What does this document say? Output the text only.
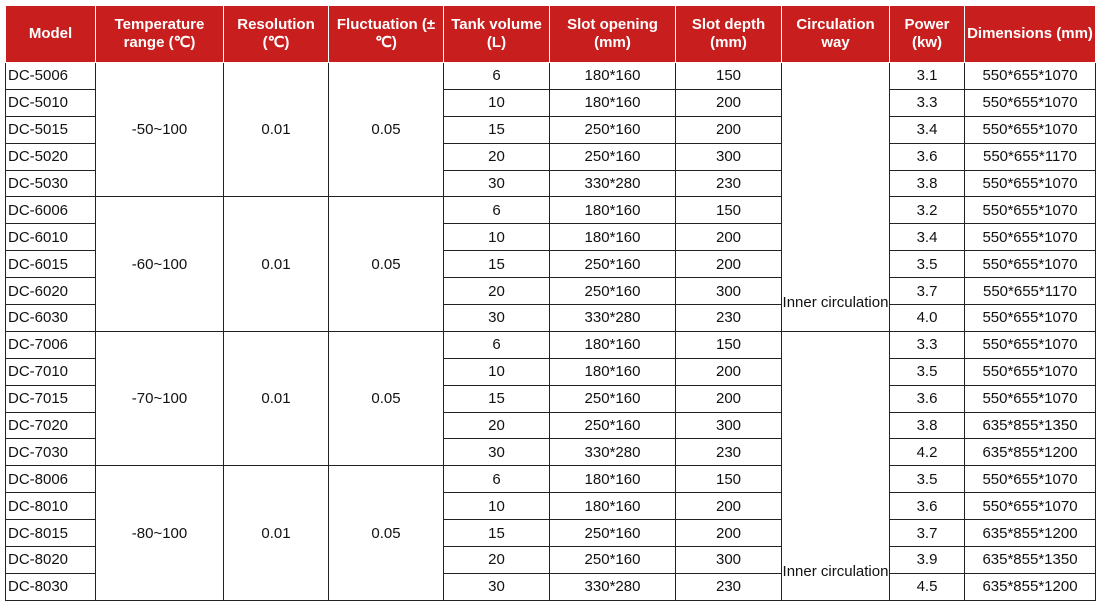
Model	Temperature range (℃)	Resolution (℃)	Fluctuation (±℃)	Tank volume (L)	Slot opening (mm)	Slot depth (mm)	Circulation way	Power (kw)	Dimensions (mm)
DC-5006	-50~100	0.01	0.05	6	180*160	150	Inner circulation	3.1	550*655*1070
DC-5010				10	180*160	200		3.3	550*655*1070
DC-5015				15	250*160	200		3.4	550*655*1070
DC-5020				20	250*160	300		3.6	550*655*1170
DC-5030				30	330*280	230		3.8	550*655*1070
DC-6006	-60~100	0.01	0.05	6	180*160	150		3.2	550*655*1070
DC-6010				10	180*160	200		3.4	550*655*1070
DC-6015				15	250*160	200		3.5	550*655*1070
DC-6020				20	250*160	300		3.7	550*655*1170
DC-6030				30	330*280	230		4.0	550*655*1070
DC-7006	-70~100	0.01	0.05	6	180*160	150	Inner circulation	3.3	550*655*1070
DC-7010				10	180*160	200		3.5	550*655*1070
DC-7015				15	250*160	200		3.6	550*655*1070
DC-7020				20	250*160	300		3.8	635*855*1350
DC-7030				30	330*280	230		4.2	635*855*1200
DC-8006	-80~100	0.01	0.05	6	180*160	150		3.5	550*655*1070
DC-8010				10	180*160	200		3.6	550*655*1070
DC-8015				15	250*160	200		3.7	635*855*1200
DC-8020				20	250*160	300		3.9	635*855*1350
DC-8030				30	330*280	230		4.5	635*855*1200
